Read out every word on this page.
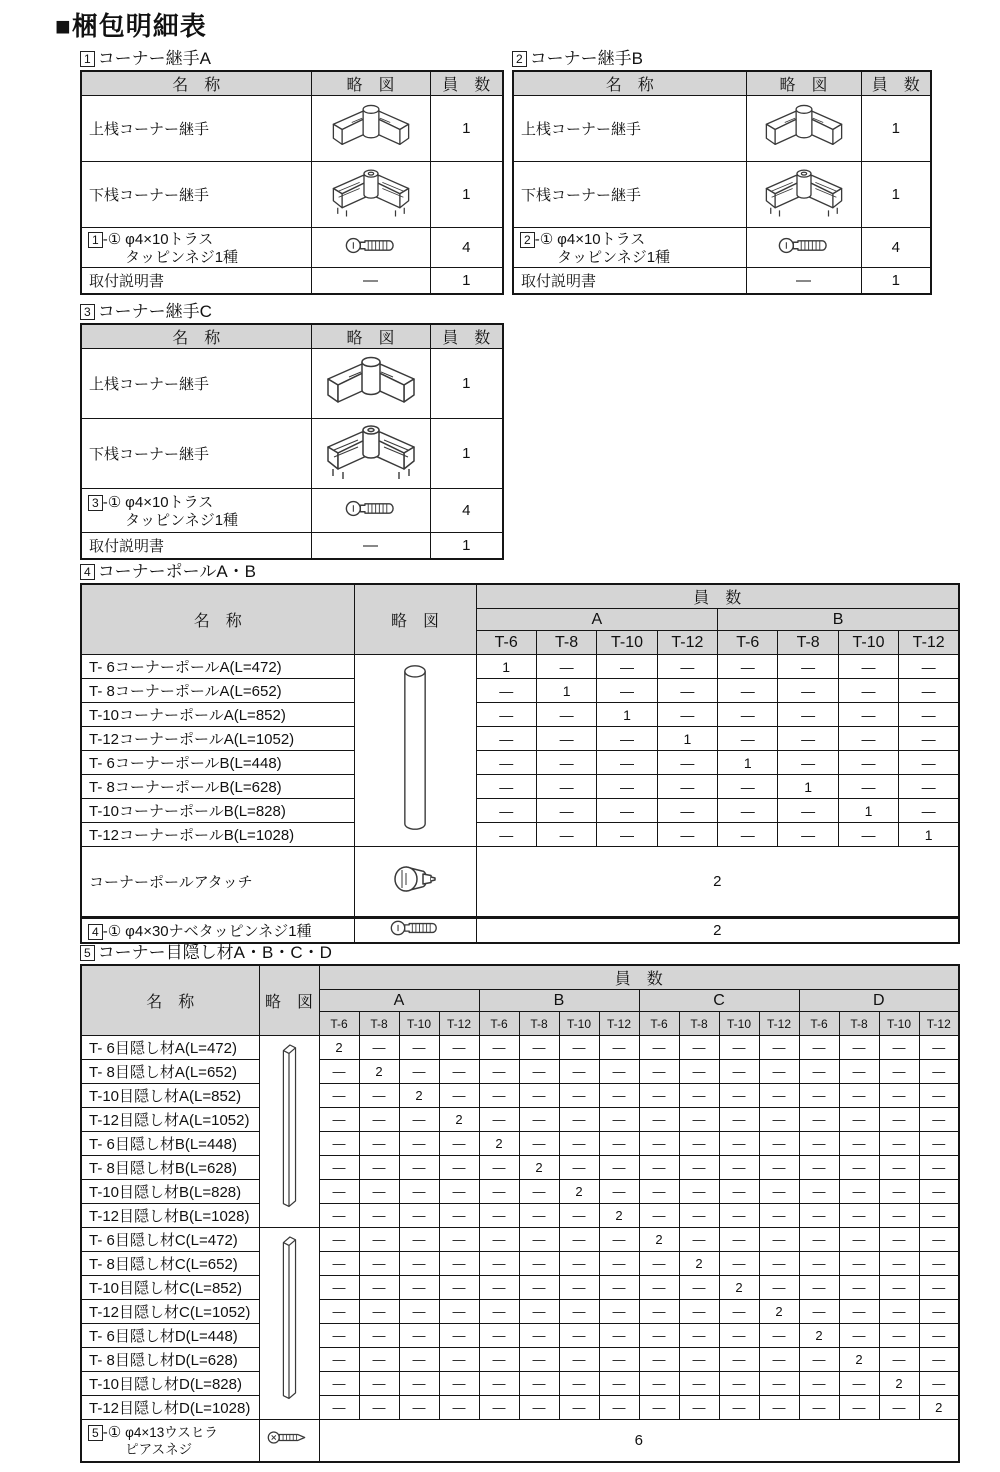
■梱包明細表
1 コーナー継手A
名　称	略　図	員　数
上桟コーナー継手		1
下桟コーナー継手		1

1 -① φ4×10トラス
タッピンネジ1種		4
取付説明書	—	1
2 コーナー継手B
名　称	略　図	員　数
上桟コーナー継手		1
下桟コーナー継手		1

2 -① φ4×10トラス
タッピンネジ1種		4
取付説明書	—	1
3 コーナー継手C
名　称	略　図	員　数
上桟コーナー継手		1
下桟コーナー継手		1

3 -① φ4×10トラス
タッピンネジ1種		4
取付説明書	—	1
4 コーナーポールA・B
名　称	略　図	員　数							
		A				B			
		T-6	T-8	T-10	T-12	T-6	T-8	T-10	T-12
T- 6コーナーポールA(L=472)		1	—	—	—	—	—	—	—
T- 8コーナーポールA(L=652)		—	1	—	—	—	—	—	—
T-10コーナーポールA(L=852)		—	—	1	—	—	—	—	—
T-12コーナーポールA(L=1052)		—	—	—	1	—	—	—	—
T- 6コーナーポールB(L=448)		—	—	—	—	1	—	—	—
T- 8コーナーポールB(L=628)		—	—	—	—	—	1	—	—
T-10コーナーポールB(L=828)		—	—	—	—	—	—	1	—
T-12コーナーポールB(L=1028)		—	—	—	—	—	—	—	1
コーナーポールアタッチ		2							

4 -① φ4×30ナベタッピンネジ1種		2							
5 コーナー目隠し材A・B・C・D
名　称	略　図	員　数															
		A				B				C				D			
		T-6	T-8	T-10	T-12	T-6	T-8	T-10	T-12	T-6	T-8	T-10	T-12	T-6	T-8	T-10	T-12
T- 6目隠し材A(L=472)		2	—	—	—	—	—	—	—	—	—	—	—	—	—	—	—
T- 8目隠し材A(L=652)		—	2	—	—	—	—	—	—	—	—	—	—	—	—	—	—
T-10目隠し材A(L=852)		—	—	2	—	—	—	—	—	—	—	—	—	—	—	—	—
T-12目隠し材A(L=1052)		—	—	—	2	—	—	—	—	—	—	—	—	—	—	—	—
T- 6目隠し材B(L=448)		—	—	—	—	2	—	—	—	—	—	—	—	—	—	—	—
T- 8目隠し材B(L=628)		—	—	—	—	—	2	—	—	—	—	—	—	—	—	—	—
T-10目隠し材B(L=828)		—	—	—	—	—	—	2	—	—	—	—	—	—	—	—	—
T-12目隠し材B(L=1028)		—	—	—	—	—	—	—	2	—	—	—	—	—	—	—	—
T- 6目隠し材C(L=472)		—	—	—	—	—	—	—	—	2	—	—	—	—	—	—	—
T- 8目隠し材C(L=652)		—	—	—	—	—	—	—	—	—	2	—	—	—	—	—	—
T-10目隠し材C(L=852)		—	—	—	—	—	—	—	—	—	—	2	—	—	—	—	—
T-12目隠し材C(L=1052)		—	—	—	—	—	—	—	—	—	—	—	2	—	—	—	—
T- 6目隠し材D(L=448)		—	—	—	—	—	—	—	—	—	—	—	—	2	—	—	—
T- 8目隠し材D(L=628)		—	—	—	—	—	—	—	—	—	—	—	—	—	2	—	—
T-10目隠し材D(L=828)		—	—	—	—	—	—	—	—	—	—	—	—	—	—	2	—
T-12目隠し材D(L=1028)		—	—	—	—	—	—	—	—	—	—	—	—	—	—	—	2

5 -① φ4×13ウスヒラ
ピアスネジ		6															
